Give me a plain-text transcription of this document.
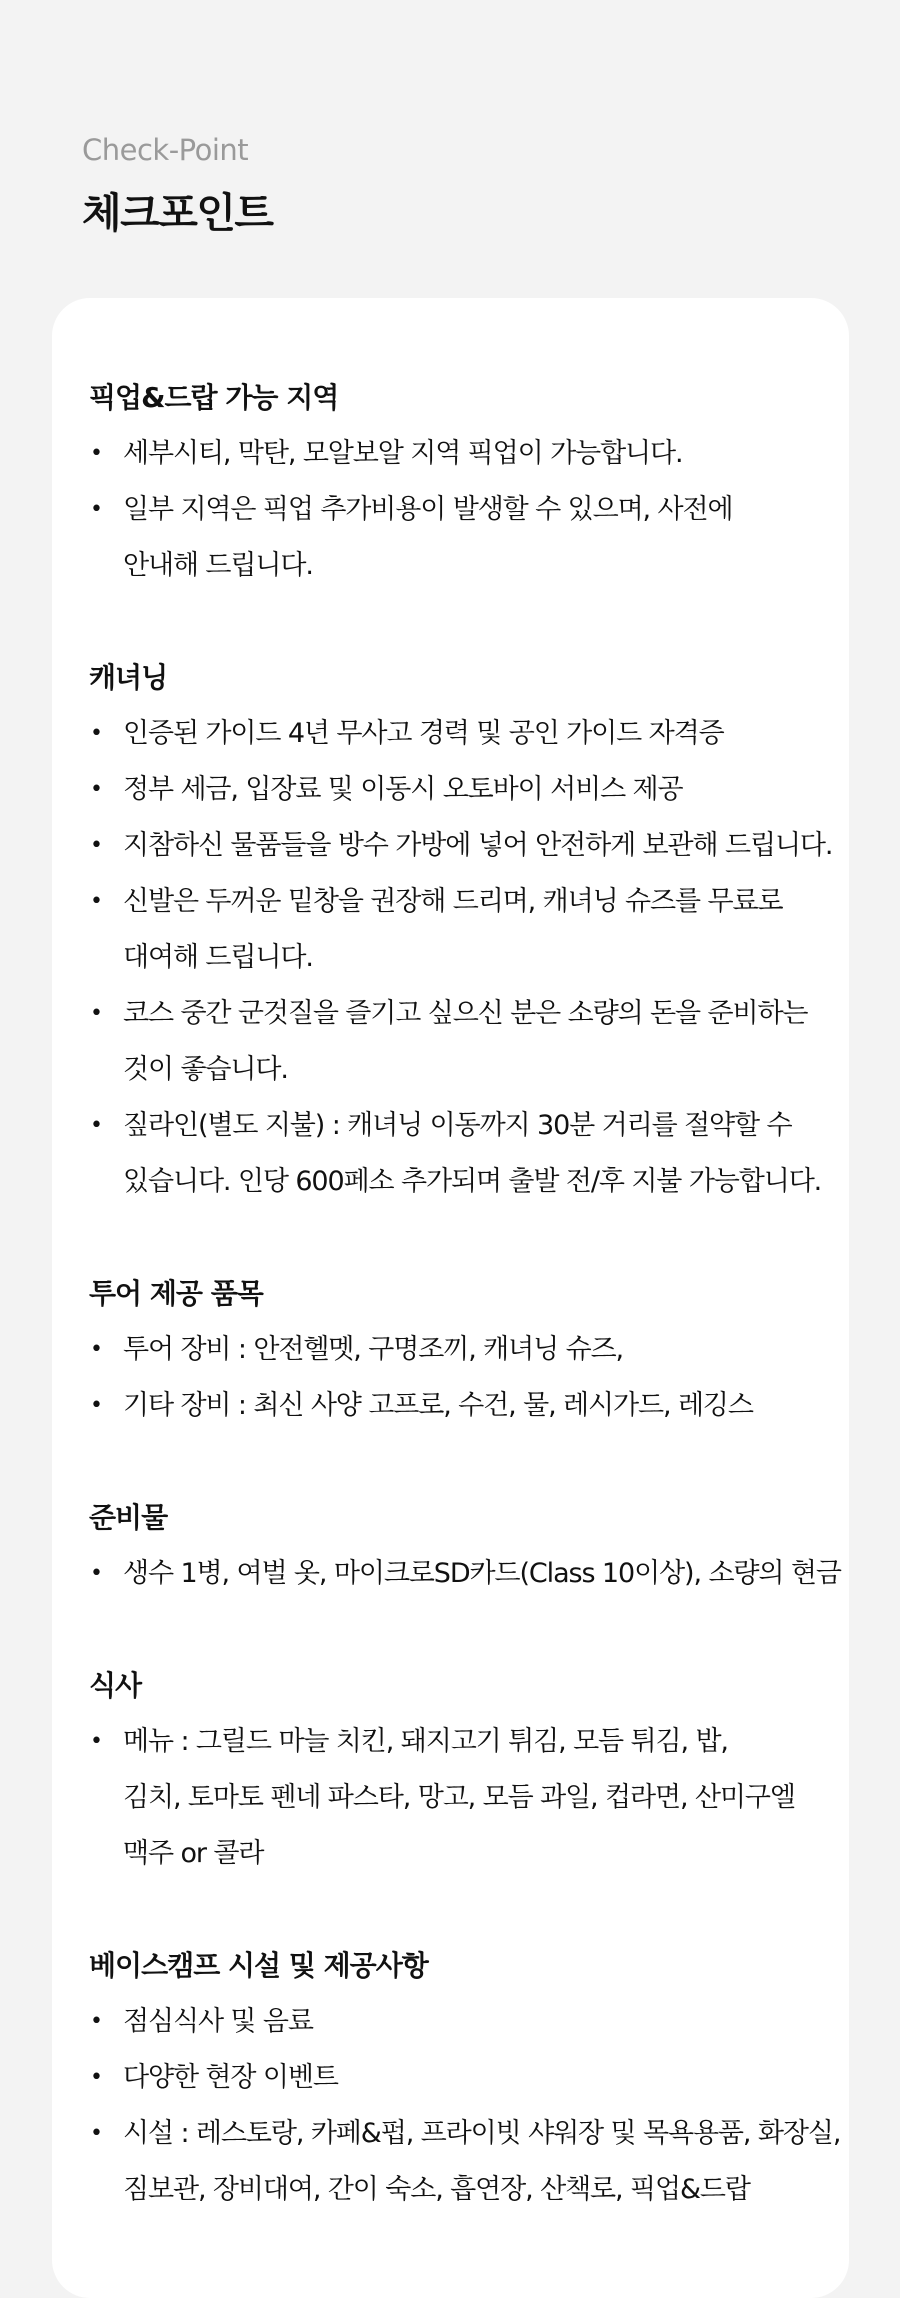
Check-Point
체크포인트
픽업&드랍 가능 지역
• 세부시티, 막탄, 모알보알 지역 픽업이 가능합니다.
• 일부 지역은 픽업 추가비용이 발생할 수 있으며, 사전에
안내해 드립니다.
캐녀닝
• 인증된 가이드 4년 무사고 경력 및 공인 가이드 자격증
• 정부 세금, 입장료 및 이동시 오토바이 서비스 제공
• 지참하신 물품들을 방수 가방에 넣어 안전하게 보관해 드립니다.
• 신발은 두꺼운 밑창을 권장해 드리며, 캐녀닝 슈즈를 무료로
대여해 드립니다.
• 코스 중간 군것질을 즐기고 싶으신 분은 소량의 돈을 준비하는
것이 좋습니다.
• 짚라인(별도 지불) : 캐녀닝 이동까지 30분 거리를 절약할 수
있습니다. 인당 600페소 추가되며 출발 전/후 지불 가능합니다.
투어 제공 품목
• 투어 장비 : 안전헬멧, 구명조끼, 캐녀닝 슈즈,
• 기타 장비 : 최신 사양 고프로, 수건, 물, 레시가드, 레깅스
준비물
• 생수 1병, 여벌 옷, 마이크로SD카드(Class 10이상), 소량의 현금
식사
• 메뉴 : 그릴드 마늘 치킨, 돼지고기 튀김, 모듬 튀김, 밥,
김치, 토마토 펜네 파스타, 망고, 모듬 과일, 컵라면, 산미구엘
맥주 or 콜라
베이스캠프 시설 및 제공사항
• 점심식사 및 음료
• 다양한 현장 이벤트
• 시설 : 레스토랑, 카페&펍, 프라이빗 샤워장 및 목욕용품, 화장실,
짐보관, 장비대여, 간이 숙소, 흡연장, 산책로, 픽업&드랍
